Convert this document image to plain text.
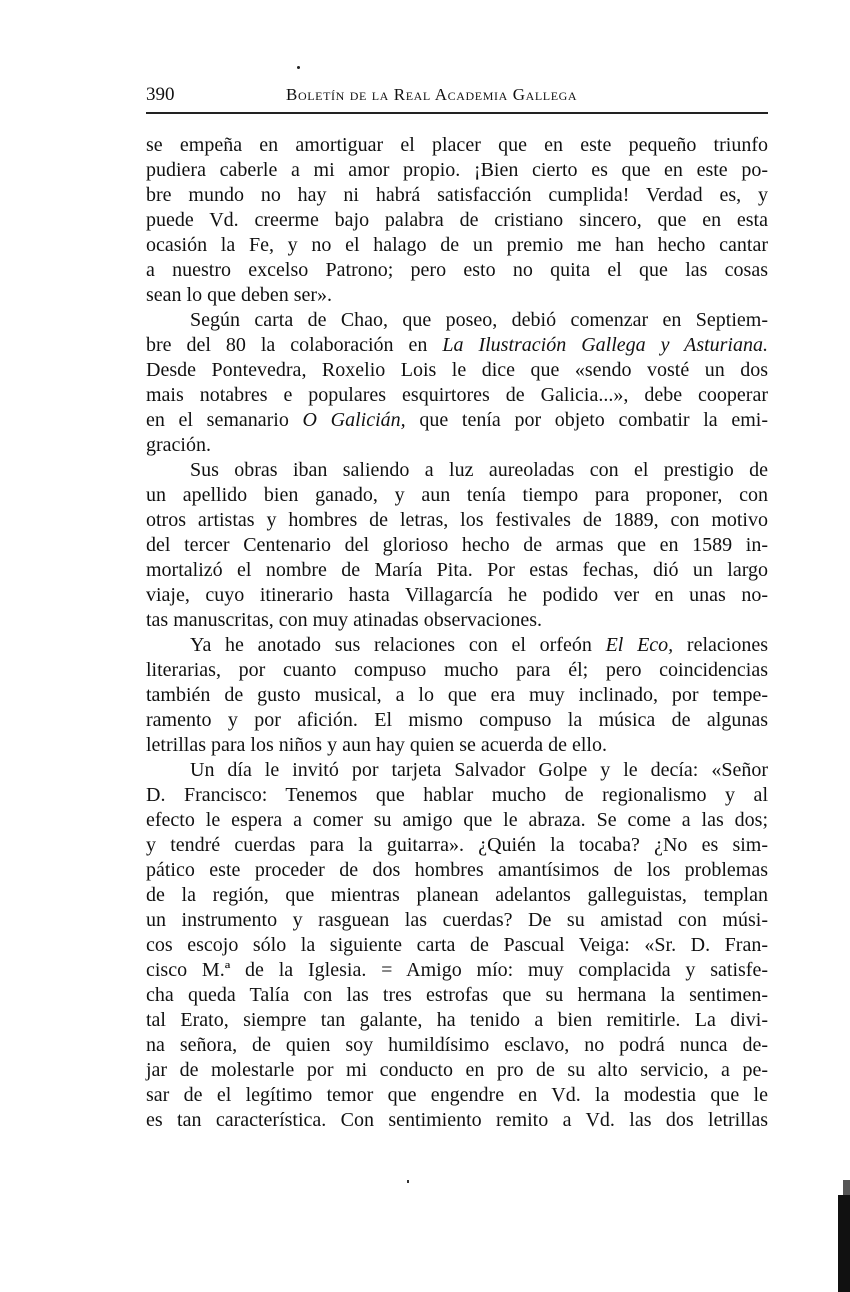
390	Boletín de la Real Academia Gallega
se empeña en amortiguar el placer que en este pequeño triunfo
pudiera caberle a mi amor propio. ¡Bien cierto es que en este po-
bre mundo no hay ni habrá satisfacción cumplida! Verdad es, y
puede Vd. creerme bajo palabra de cristiano sincero, que en esta
ocasión la Fe, y no el halago de un premio me han hecho cantar
a nuestro excelso Patrono; pero esto no quita el que las cosas
sean lo que deben ser».
Según carta de Chao, que poseo, debió comenzar en Septiem-
bre del 80 la colaboración en La Ilustración Gallega y Asturiana.
Desde Pontevedra, Roxelio Lois le dice que «sendo vosté un dos
mais notabres e populares esquirtores de Galicia...», debe cooperar
en el semanario O Galicián, que tenía por objeto combatir la emi-
gración.
Sus obras iban saliendo a luz aureoladas con el prestigio de
un apellido bien ganado, y aun tenía tiempo para proponer, con
otros artistas y hombres de letras, los festivales de 1889, con motivo
del tercer Centenario del glorioso hecho de armas que en 1589 in-
mortalizó el nombre de María Pita. Por estas fechas, dió un largo
viaje, cuyo itinerario hasta Villagarcía he podido ver en unas no-
tas manuscritas, con muy atinadas observaciones.
Ya he anotado sus relaciones con el orfeón El Eco, relaciones
literarias, por cuanto compuso mucho para él; pero coincidencias
también de gusto musical, a lo que era muy inclinado, por tempe-
ramento y por afición. El mismo compuso la música de algunas
letrillas para los niños y aun hay quien se acuerda de ello.
Un día le invitó por tarjeta Salvador Golpe y le decía: «Señor
D. Francisco: Tenemos que hablar mucho de regionalismo y al
efecto le espera a comer su amigo que le abraza. Se come a las dos;
y tendré cuerdas para la guitarra». ¿Quién la tocaba? ¿No es sim-
pático este proceder de dos hombres amantísimos de los problemas
de la región, que mientras planean adelantos galleguistas, templan
un instrumento y rasguean las cuerdas? De su amistad con músi-
cos escojo sólo la siguiente carta de Pascual Veiga: «Sr. D. Fran-
cisco M.ª de la Iglesia. = Amigo mío: muy complacida y satisfe-
cha queda Talía con las tres estrofas que su hermana la sentimen-
tal Erato, siempre tan galante, ha tenido a bien remitirle. La divi-
na señora, de quien soy humildísimo esclavo, no podrá nunca de-
jar de molestarle por mi conducto en pro de su alto servicio, a pe-
sar de el legítimo temor que engendre en Vd. la modestia que le
es tan característica. Con sentimiento remito a Vd. las dos letrillas
